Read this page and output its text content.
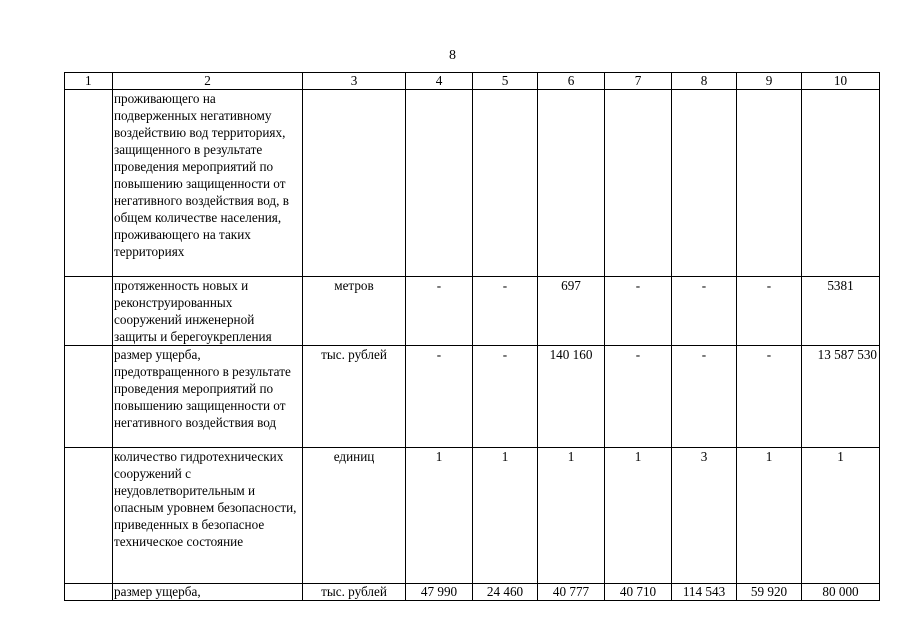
8
1	2	3	4	5	6	7	8	9	10
	проживающего на подверженных негативному воздействию вод территориях, защищенного в результате проведения мероприятий по повышению защищенности от негативного воздействия вод, в общем количестве населения, проживающего на таких территориях								
	протяженность новых и реконструированных сооружений инженерной защиты и берегоукрепления	метров	-	-	697	-	-	-	5381
	размер ущерба, предотвращенного в результате проведения мероприятий по повышению защищенности от негативного воздействия вод	тыс. рублей	-	-	140 160	-	-	-	13 587 530
	количество гидротехнических сооружений с неудовлетворительным и опасным уровнем безопасности, приведенных в безопасное техническое состояние	единиц	1	1	1	1	3	1	1
	размер ущерба,	тыс. рублей	47 990	24 460	40 777	40 710	114 543	59 920	80 000
